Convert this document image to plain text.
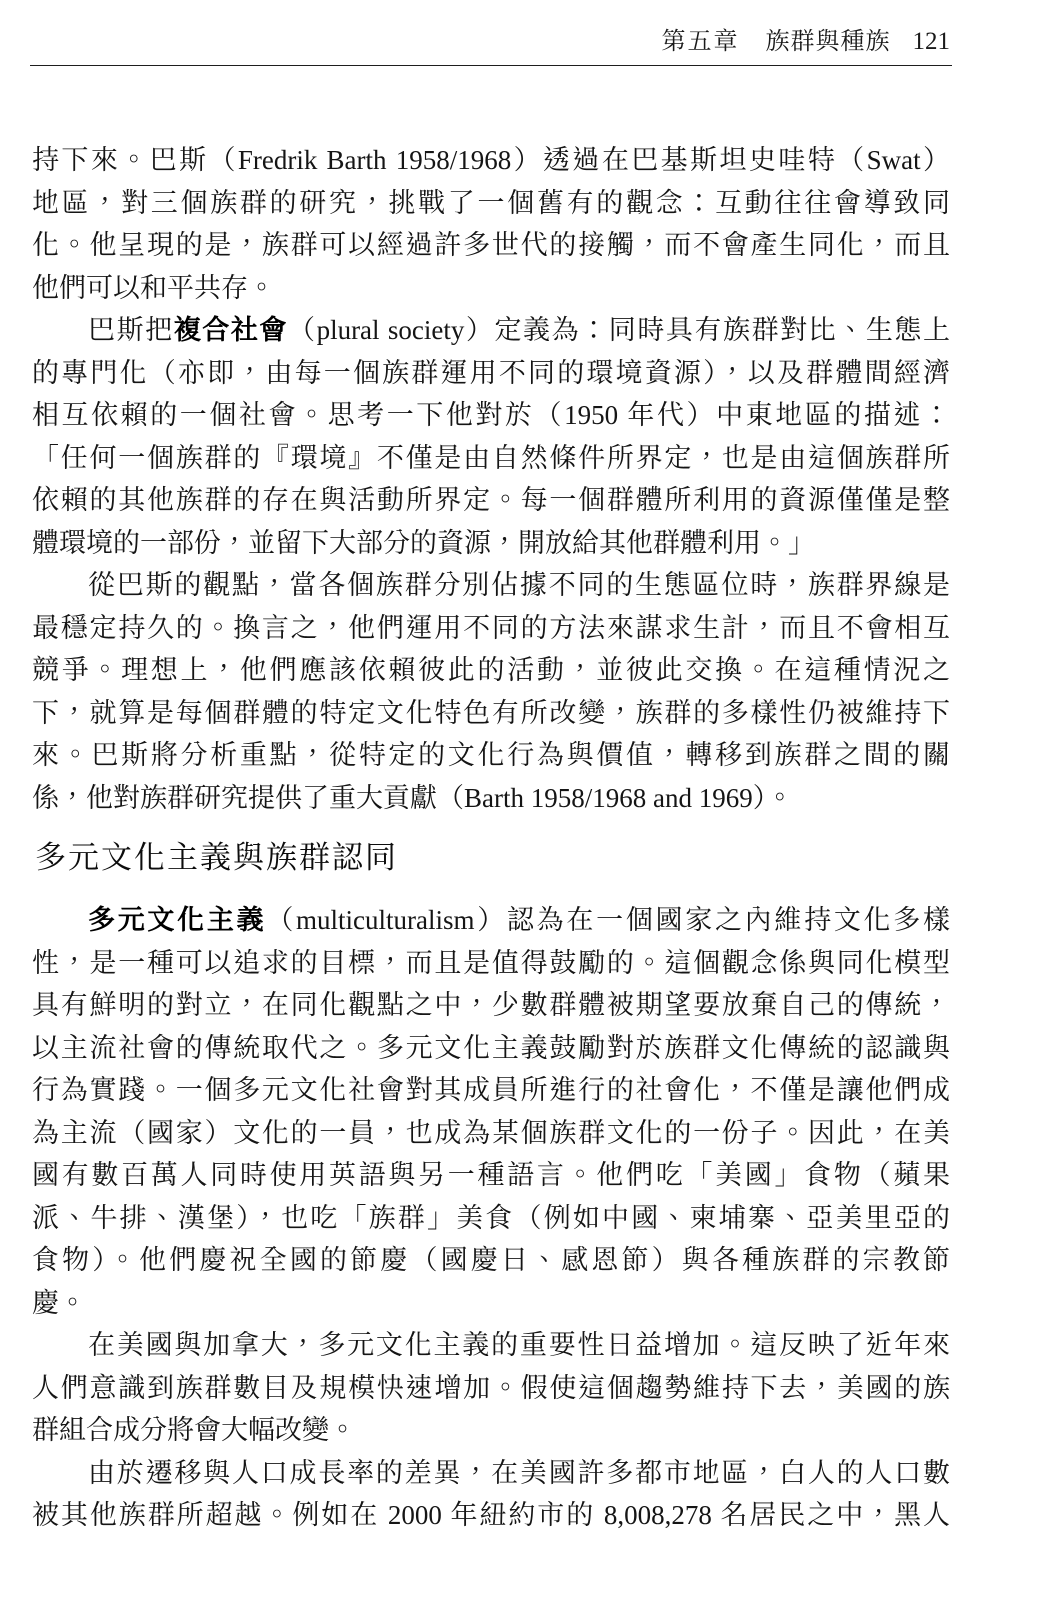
第五章 族群與種族 121
持下來。巴斯（Fredrik Barth 1958/1968）透過在巴基斯坦史哇特（Swat）
地區，對三個族群的研究，挑戰了一個舊有的觀念：互動往往會導致同
化。他呈現的是，族群可以經過許多世代的接觸，而不會產生同化，而且
他們可以和平共存。
巴斯把複合社會（plural society）定義為：同時具有族群對比、生態上
的專門化（亦即，由每一個族群運用不同的環境資源），以及群體間經濟
相互依賴的一個社會。思考一下他對於（1950 年代）中東地區的描述：
「任何一個族群的『環境』不僅是由自然條件所界定，也是由這個族群所
依賴的其他族群的存在與活動所界定。每一個群體所利用的資源僅僅是整
體環境的一部份，並留下大部分的資源，開放給其他群體利用。」
從巴斯的觀點，當各個族群分別佔據不同的生態區位時，族群界線是
最穩定持久的。換言之，他們運用不同的方法來謀求生計，而且不會相互
競爭。理想上，他們應該依賴彼此的活動，並彼此交換。在這種情況之
下，就算是每個群體的特定文化特色有所改變，族群的多樣性仍被維持下
來。巴斯將分析重點，從特定的文化行為與價值，轉移到族群之間的關
係，他對族群研究提供了重大貢獻（Barth 1958/1968 and 1969）。
多元文化主義與族群認同
多元文化主義（multiculturalism）認為在一個國家之內維持文化多樣
性，是一種可以追求的目標，而且是值得鼓勵的。這個觀念係與同化模型
具有鮮明的對立，在同化觀點之中，少數群體被期望要放棄自己的傳統，
以主流社會的傳統取代之。多元文化主義鼓勵對於族群文化傳統的認識與
行為實踐。一個多元文化社會對其成員所進行的社會化，不僅是讓他們成
為主流（國家）文化的一員，也成為某個族群文化的一份子。因此，在美
國有數百萬人同時使用英語與另一種語言。他們吃「美國」食物（蘋果
派、牛排、漢堡），也吃「族群」美食（例如中國、柬埔寨、亞美里亞的
食物）。他們慶祝全國的節慶（國慶日、感恩節）與各種族群的宗教節
慶。
在美國與加拿大，多元文化主義的重要性日益增加。這反映了近年來
人們意識到族群數目及規模快速增加。假使這個趨勢維持下去，美國的族
群組合成分將會大幅改變。
由於遷移與人口成長率的差異，在美國許多都市地區，白人的人口數
被其他族群所超越。例如在 2000 年紐約市的 8,008,278 名居民之中，黑人
